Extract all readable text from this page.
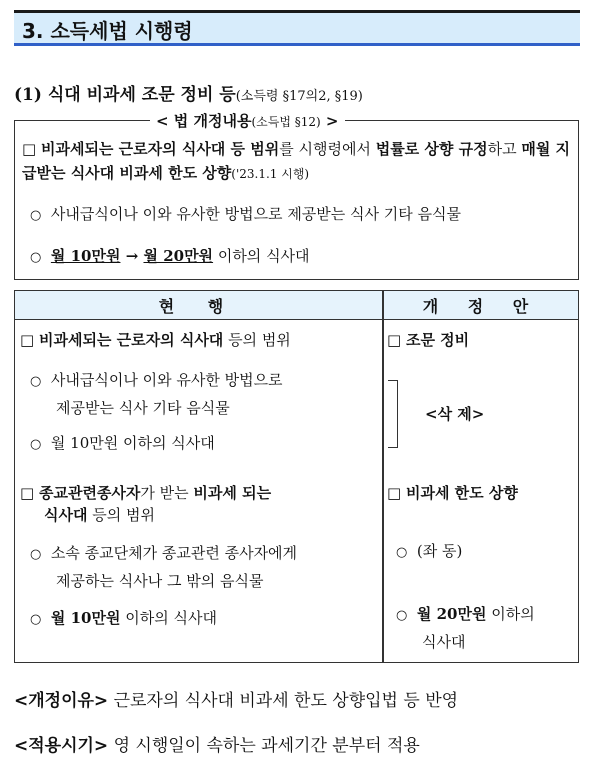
3. 소득세법 시행령
(1) 식대 비과세 조문 정비 등(소득령 §17의2, §19)
< 법 개정내용(소득법 §12) >
□ 비과세되는 근로자의 식사대 등 범위를 시행령에서 법률로 상향 규정하고 매월 지급받는 식사대 비과세 한도 상향('23.1.1 시행)
○ 사내급식이나 이와 유사한 방법으로 제공받는 식사 기타 음식물
○ 월 10만원 → 월 20만원 이하의 식사대
현 행	개 정 안
□ 비과세되는 근로자의 식사대 등의 범위
○ 사내급식이나 이와 유사한 방법으로
제공받는 식사 기타 음식물
○ 월 10만원 이하의 식사대
□ 조문 정비
<삭 제>
□ 종교관련종사자가 받는 비과세 되는
식사대 등의 범위
○ 소속 종교단체가 종교관련 종사자에게
제공하는 식사나 그 밖의 음식물
○ 월 10만원 이하의 식사대
□ 비과세 한도 상향
○ (좌 동)
○ 월 20만원 이하의
식사대
<개정이유> 근로자의 식사대 비과세 한도 상향입법 등 반영
<적용시기> 영 시행일이 속하는 과세기간 분부터 적용
